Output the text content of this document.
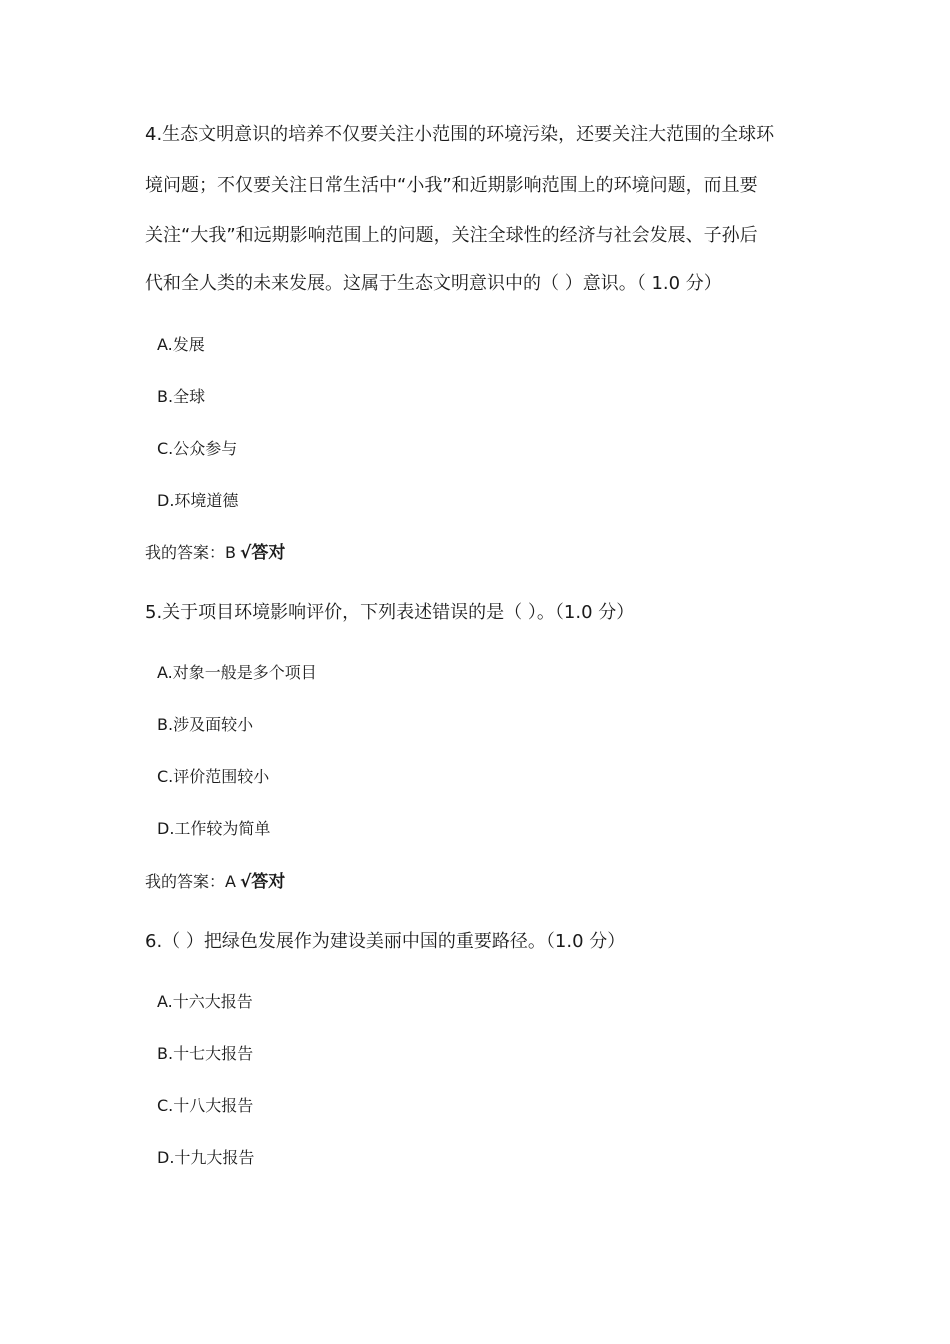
4.生态文明意识的培养不仅要关注小范围的环境污染，还要关注大范围的全球环
境问题；不仅要关注日常生活中“小我”和近期影响范围上的环境问题，而且要
关注“大我”和远期影响范围上的问题，关注全球性的经济与社会发展、子孙后
代和全人类的未来发展。这属于生态文明意识中的（ ）意识。（ 1.0 分）
A.发展
B.全球
C.公众参与
D.环境道德
我的答案：B √答对
5.关于项目环境影响评价，下列表述错误的是（ ）。（1.0 分）
A.对象一般是多个项目
B.涉及面较小
C.评价范围较小
D.工作较为简单
我的答案：A √答对
6.（ ）把绿色发展作为建设美丽中国的重要路径。（1.0 分）
A.十六大报告
B.十七大报告
C.十八大报告
D.十九大报告
